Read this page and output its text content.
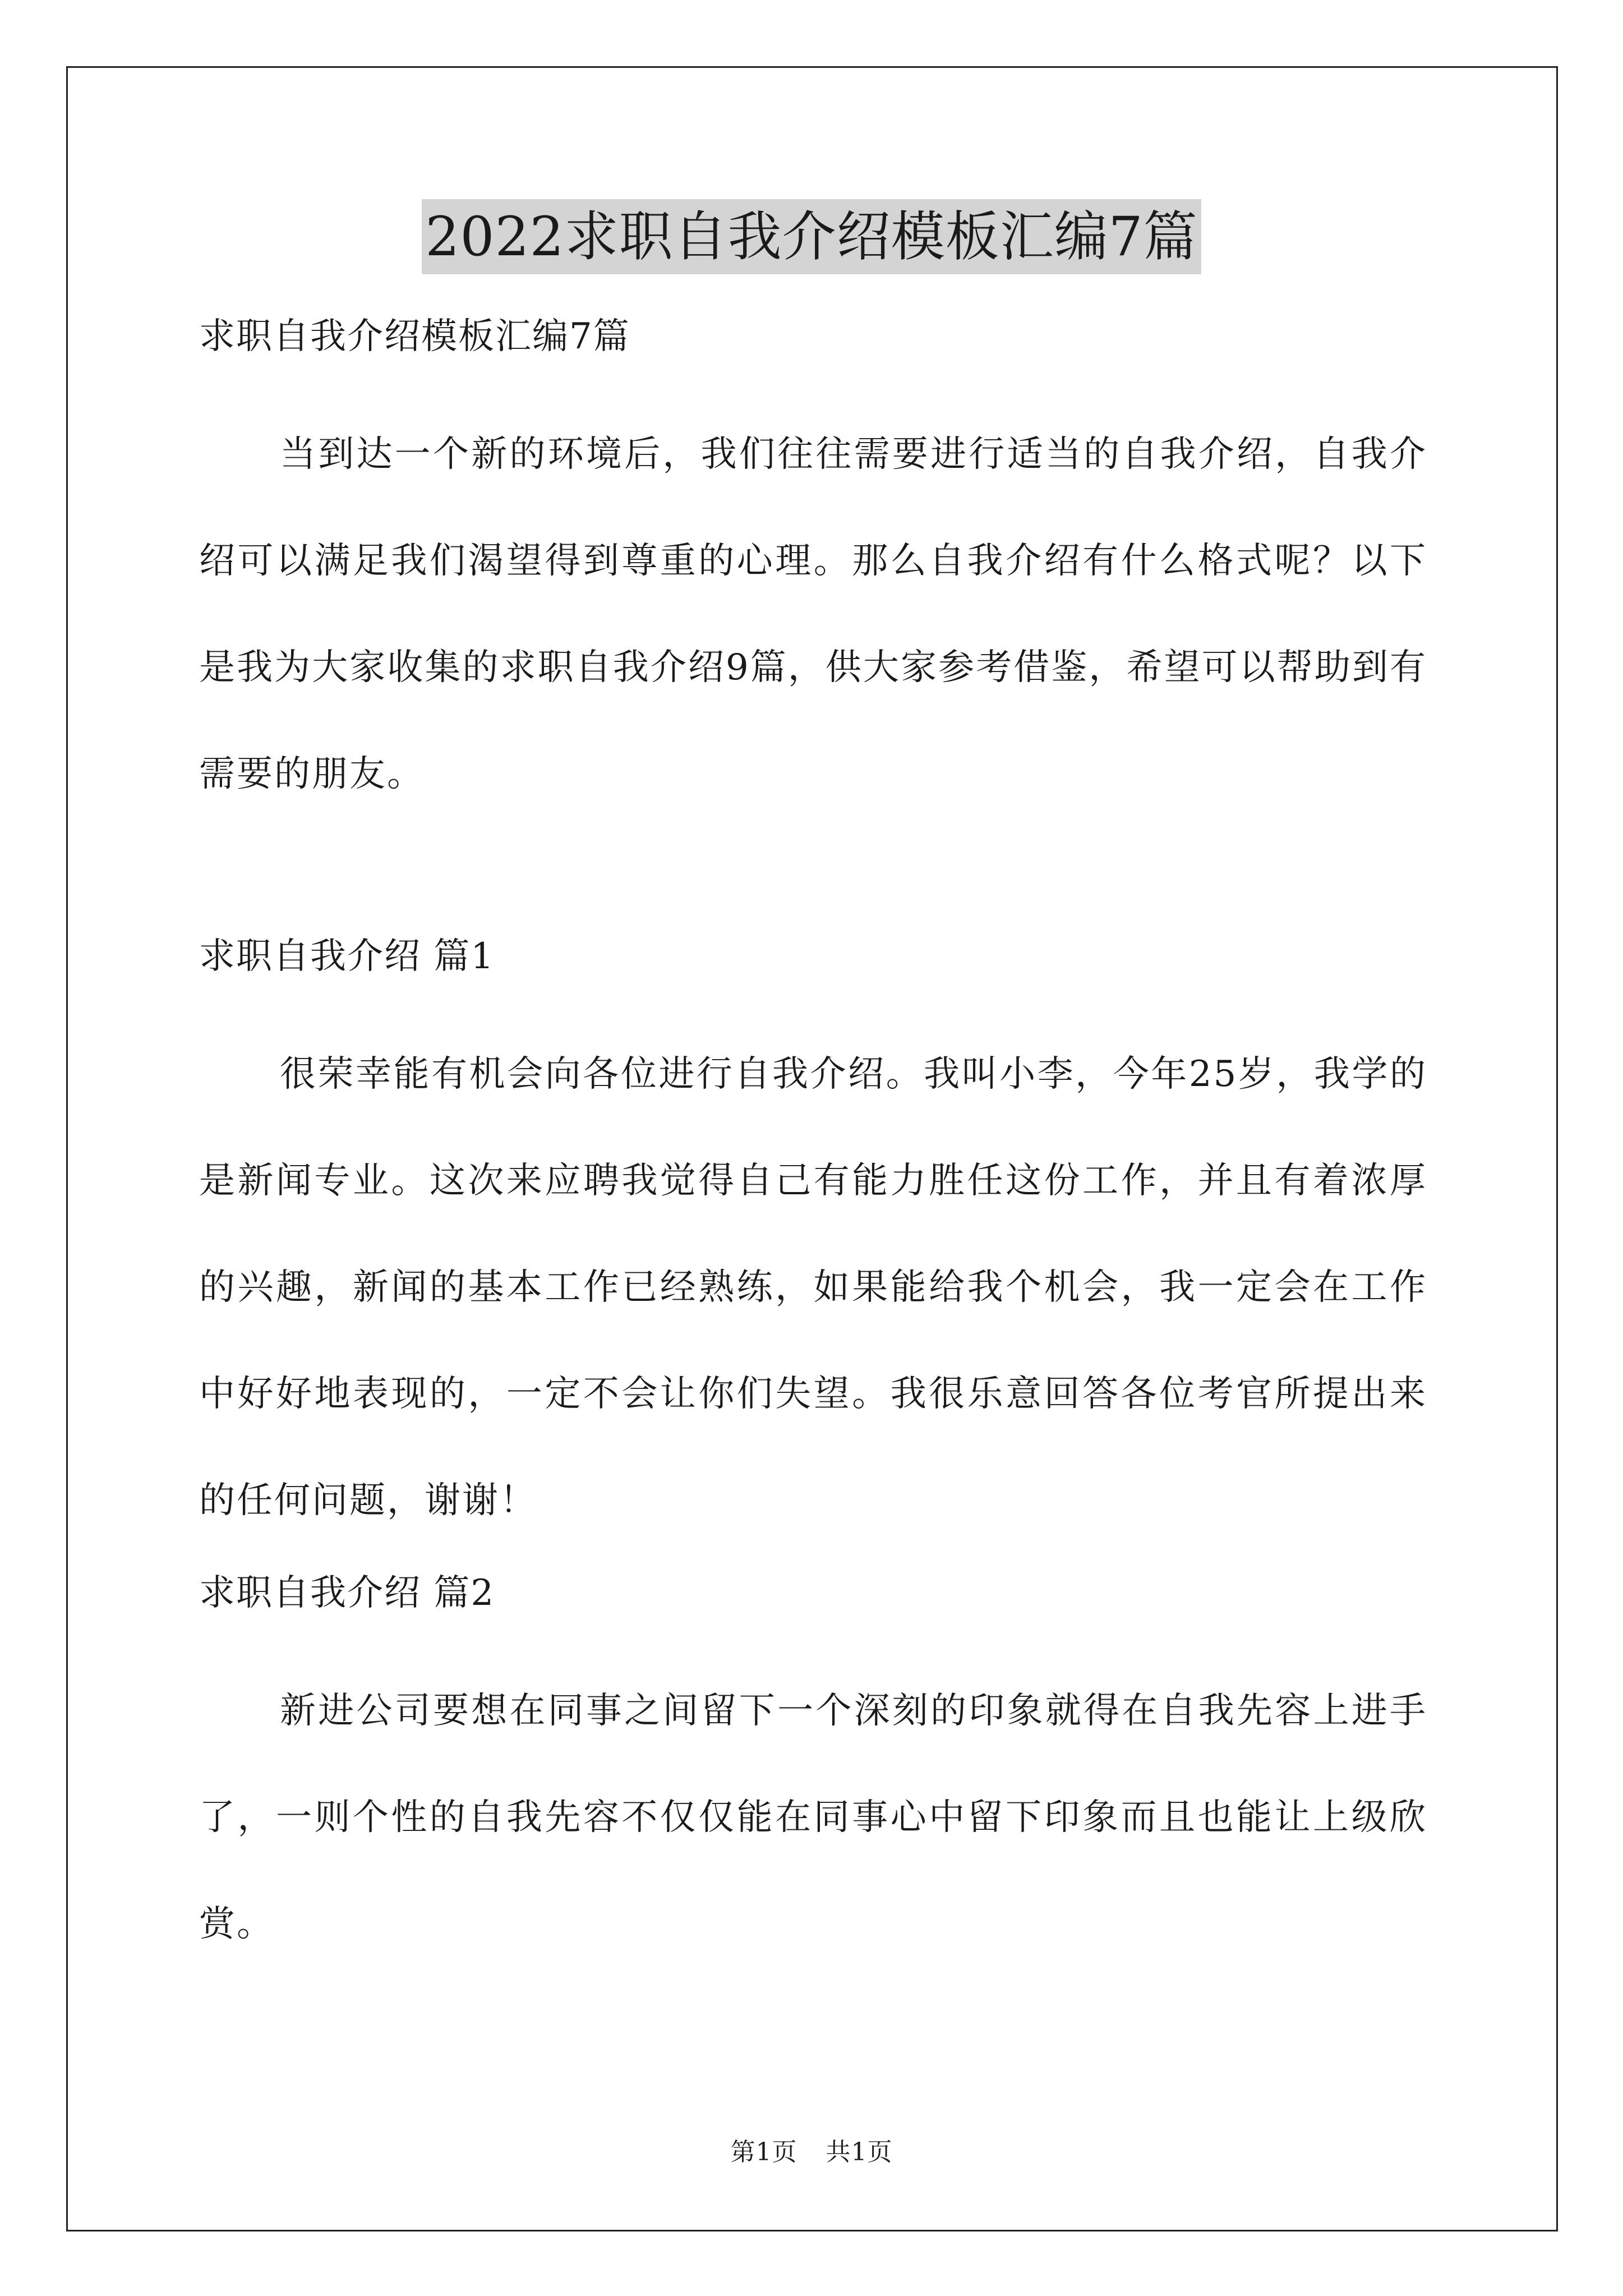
2022求职自我介绍模板汇编7篇
求职自我介绍模板汇编7篇

当到达一个新的环境后，我们往往需要进行适当的自我介绍，自我介绍可以满足我们渴望得到尊重的心理。那么自我介绍有什么格式呢？以下是我为大家收集的求职自我介绍9篇，供大家参考借鉴，希望可以帮助到有需要的朋友。

求职自我介绍 篇1

很荣幸能有机会向各位进行自我介绍。我叫小李，今年25岁，我学的是新闻专业。这次来应聘我觉得自己有能力胜任这份工作，并且有着浓厚的兴趣，新闻的基本工作已经熟练，如果能给我个机会，我一定会在工作中好好地表现的，一定不会让你们失望。我很乐意回答各位考官所提出来的任何问题，谢谢！

求职自我介绍 篇2

新进公司要想在同事之间留下一个深刻的印象就得在自我先容上进手了，一则个性的自我先容不仅仅能在同事心中留下印象而且也能让上级欣赏。

第1页 共1页
